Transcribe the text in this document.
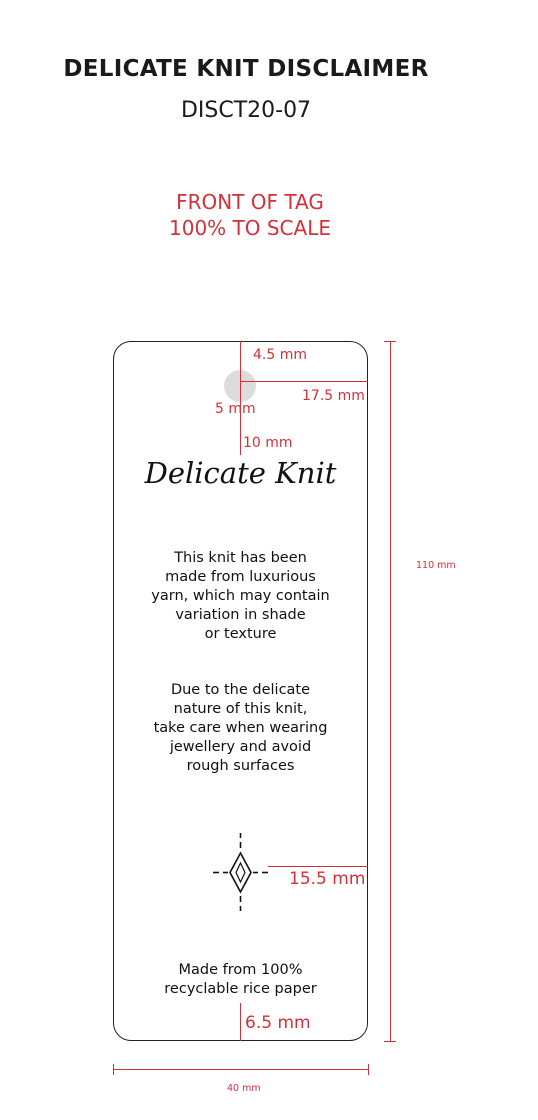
DELICATE KNIT DISCLAIMER
DISCT20-07
FRONT OF TAG
100% TO SCALE
4.5 mm
17.5 mm
5 mm
10 mm
15.5 mm
6.5 mm
110 mm
40 mm
Delicate Knit
This knit has been
made from luxurious
yarn, which may contain
variation in shade
or texture
Due to the delicate
nature of this knit,
take care when wearing
jewellery and avoid
rough surfaces
Made from 100%
recyclable rice paper
